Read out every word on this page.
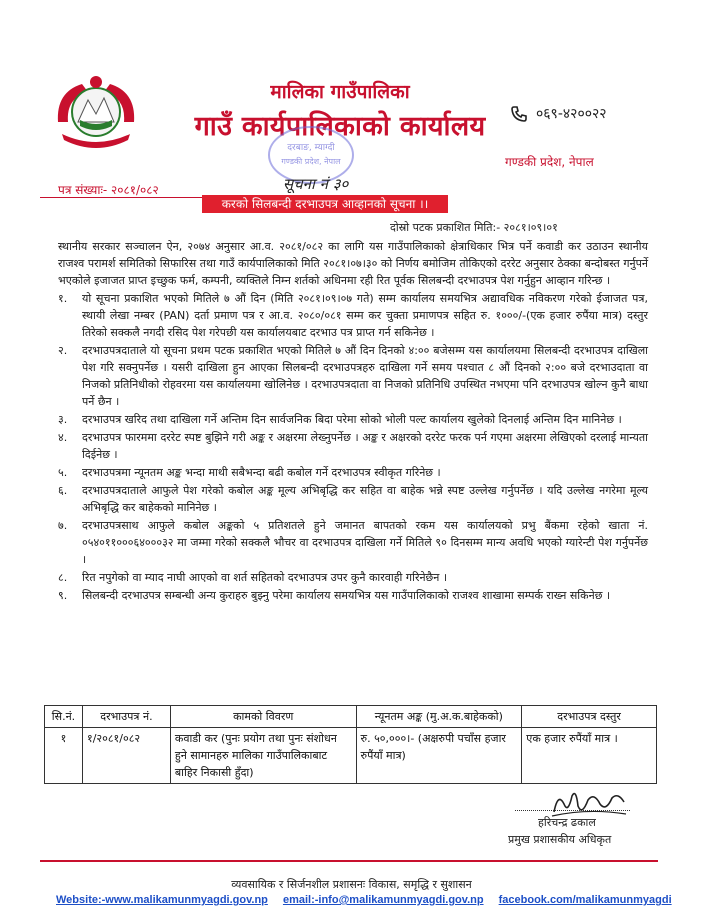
मालिका गाउँपालिका
गाउँ कार्यपालिकाको कार्यालय	०६९-४२००२२
दरबाङ, म्याग्दी
गण्डकी प्रदेश, नेपाल	गण्डकी प्रदेश, नेपाल
पत्र संख्याः- २०८१/०८२	सूचना नं ३०
करको सिलबन्दी दरभाउपत्र आव्हानको सूचना ।।
दोस्रो पटक प्रकाशित मिति:- २०८१।०९।०१
स्थानीय सरकार सञ्चालन ऐन, २०७४ अनुसार आ.व. २०८१/०८२ का लागि यस गाउँपालिकाको क्षेत्राधिकार भित्र पर्ने कवाडी कर उठाउन स्थानीय राजश्व परामर्श समितिको सिफारिस तथा गाउँ कार्यपालिकाको मिति २०८१।०७।३० को निर्णय बमोजिम तोकिएको दररेट अनुसार ठेक्का बन्दोबस्त गर्नुपर्ने भएकोले इजाजत प्राप्त इच्छुक फर्म, कम्पनी, व्यक्तिले निम्न शर्तको अधिनमा रही रित पूर्वक सिलबन्दी दरभाउपत्र पेश गर्नुहुन आव्हान गरिन्छ ।
१.	यो सूचना प्रकाशित भएको मितिले ७ औं दिन (मिति २०८१।०९।०७ गते) सम्म कार्यालय समयभित्र अद्यावधिक नविकरण गरेको ईजाजत पत्र, स्थायी लेखा नम्बर (PAN) दर्ता प्रमाण पत्र र आ.व. २०८०/०८१ सम्म कर चुक्ता प्रमाणपत्र सहित रु. १०००/-(एक हजार रुपैंया मात्र) दस्तुर तिरेको सक्कलै नगदी रसिद पेश गरेपछी यस कार्यालयबाट दरभाउ पत्र प्राप्त गर्न सकिनेछ ।
२.	दरभाउपत्रदाताले यो सूचना प्रथम पटक प्रकाशित भएको मितिले ७ औं दिन दिनको ४:०० बजेसम्म यस कार्यालयमा सिलबन्दी दरभाउपत्र दाखिला पेश गरि सक्नुपर्नेछ । यसरी दाखिला हुन आएका सिलबन्दी दरभाउपत्रहरु दाखिला गर्ने समय पश्चात ८ औं दिनको २:०० बजे दरभाउदाता वा निजको प्रतिनिधीको रोहवरमा यस कार्यालयमा खोलिनेछ । दरभाउपत्रदाता वा निजको प्रतिनिधि उपस्थित नभएमा पनि दरभाउपत्र खोल्न कुनै बाधा पर्ने छैन ।
३.	दरभाउपत्र खरिद तथा दाखिला गर्ने अन्तिम दिन सार्वजनिक बिदा परेमा सोको भोली पल्ट कार्यालय खुलेको दिनलाई अन्तिम दिन मानिनेछ ।
४.	दरभाउपत्र फारममा दररेट स्पष्ट बुझिने गरी अङ्क र अक्षरमा लेख्नुपर्नेछ । अङ्क र अक्षरको दररेट फरक पर्न गएमा अक्षरमा लेखिएको दरलाई मान्यता दिईनेछ ।
५.	दरभाउपत्रमा न्यूनतम अङ्क भन्दा माथी सबैभन्दा बढी कबोल गर्ने दरभाउपत्र स्वीकृत गरिनेछ ।
६.	दरभाउपत्रदाताले आफुले पेश गरेको कबोल अङ्क मूल्य अभिबृद्धि कर सहित वा बाहेक भन्ने स्पष्ट उल्लेख गर्नुपर्नेछ । यदि उल्लेख नगरेमा मूल्य अभिबृद्धि कर बाहेकको मानिनेछ ।
७.	दरभाउपत्रसाथ आफुले कबोल अङ्कको ५ प्रतिशतले हुने जमानत बापतको रकम यस कार्यालयको प्रभु बैंकमा रहेको खाता नं. ०५४०११०००६४०००३२ मा जम्मा गरेको सक्कलै भौचर वा दरभाउपत्र दाखिला गर्ने मितिले ९० दिनसम्म मान्य अवधि भएको ग्यारेन्टी पेश गर्नुपर्नेछ ।
८.	रित नपुगेको वा म्याद नाघी आएको वा शर्त सहितको दरभाउपत्र उपर कुनै कारवाही गरिनेछैन ।
९.	सिलबन्दी दरभाउपत्र सम्बन्धी अन्य कुराहरु बुझ्नु परेमा कार्यालय समयभित्र यस गाउँपालिकाको राजश्व शाखामा सम्पर्क राख्न सकिनेछ ।
सि.नं.	दरभाउपत्र नं.	कामको विवरण	न्यूनतम अङ्क (मु.अ.क.बाहेकको)	दरभाउपत्र दस्तुर
१	१/२०८१/०८२	कवाडी कर (पुनः प्रयोग तथा पुनः संशोधन हुने सामानहरु मालिका गाउँपालिकाबाट बाहिर निकासी हुँदा)	रु. ५०,०००।- (अक्षरुपी पचाँस हजार रुपैंयाँ मात्र)	एक हजार रुपैंयाँ मात्र ।
हरिचन्द्र ढकाल
प्रमुख प्रशासकीय अधिकृत
व्यवसायिक र सिर्जनशील प्रशासनः विकास, समृद्धि र सुशासन
Website:-www.malikamunmyagdi.gov.np email:-info@malikamunmyagdi.gov.np facebook.com/malikamunmyagdi
